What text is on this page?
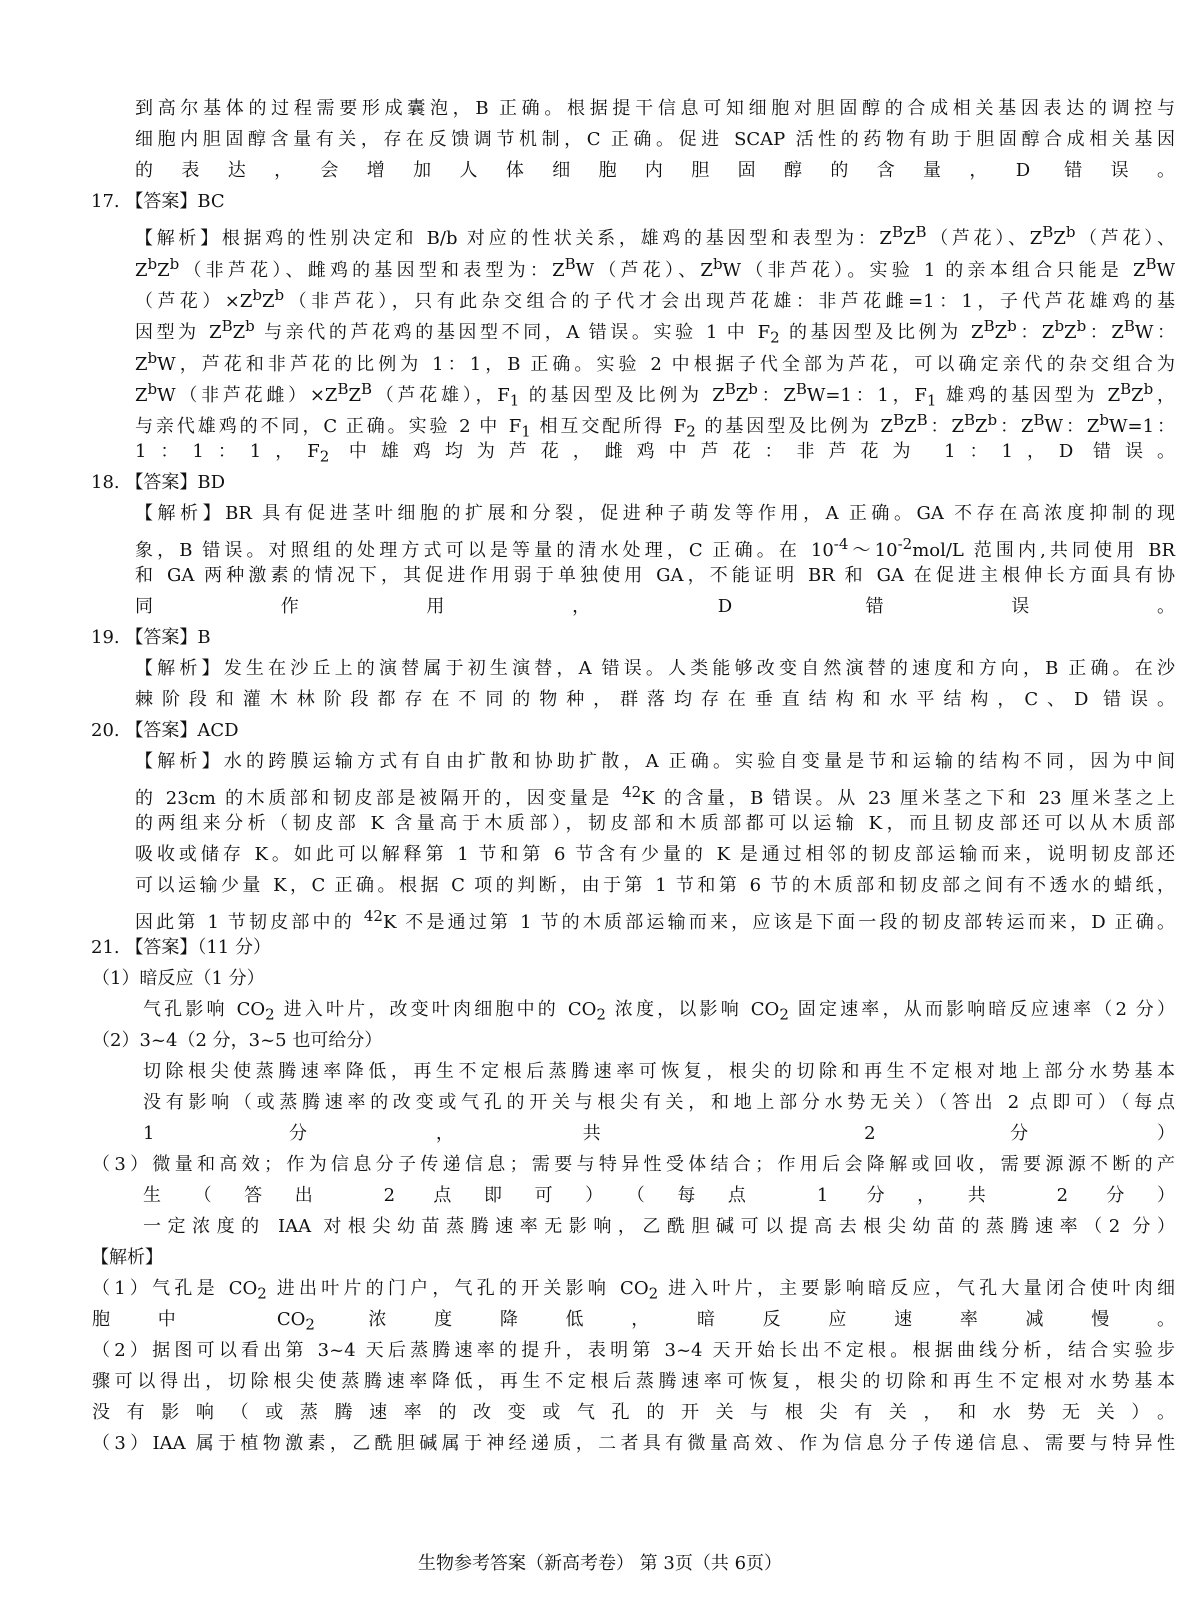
到高尔基体的过程需要形成囊泡，B 正确。根据提干信息可知细胞对胆固醇的合成相关基因表达的调控与
细胞内胆固醇含量有关，存在反馈调节机制，C 正确。促进 SCAP 活性的药物有助于胆固醇合成相关基因
的表达，会增加人体细胞内胆固醇的含量，D 错误。
17. 【答案】BC
【解析】根据鸡的性别决定和 B/b 对应的性状关系，雄鸡的基因型和表型为：$Z^BZ^B$（芦花）、$Z^BZ^b$（芦花）、
$Z^bZ^b$（非芦花）、雌鸡的基因型和表型为：$Z^BW$（芦花）、$Z^bW$（非芦花）。实验 1 的亲本组合只能是 $Z^BW$
（芦花）$\times Z^bZ^b$（非芦花），只有此杂交组合的子代才会出现芦花雄：非芦花雌=1：1，子代芦花雄鸡的基
因型为 $Z^BZ^b$ 与亲代的芦花鸡的基因型不同，A 错误。实验 1 中 $F_2$ 的基因型及比例为 $Z^BZ^b$：$Z^bZ^b$：$Z^BW$：
$Z^bW$，芦花和非芦花的比例为 1：1，B 正确。实验 2 中根据子代全部为芦花，可以确定亲代的杂交组合为
$Z^bW$（非芦花雌）$\times Z^BZ^B$（芦花雄），$F_1$ 的基因型及比例为 $Z^BZ^b$：$Z^BW=1$：1，$F_1$ 雄鸡的基因型为 $Z^BZ^b$，
与亲代雄鸡的不同，C 正确。实验 2 中 $F_1$ 相互交配所得 $F_2$ 的基因型及比例为 $Z^BZ^B$：$Z^BZ^b$：$Z^BW$：$Z^bW=1$：
1：1：1，$F_2$ 中雄鸡均为芦花，雌鸡中芦花：非芦花为 1：1，D 错误。
18. 【答案】BD
【解析】BR 具有促进茎叶细胞的扩展和分裂，促进种子萌发等作用，A 正确。GA 不存在高浓度抑制的现
象，B 错误。对照组的处理方式可以是等量的清水处理，C 正确。在 $10^{-4}\sim 10^{-2}mol/L$ 范围内,共同使用 BR
和 GA 两种激素的情况下，其促进作用弱于单独使用 GA，不能证明 BR 和 GA 在促进主根伸长方面具有协
同作用，D 错误。
19. 【答案】B
【解析】发生在沙丘上的演替属于初生演替，A 错误。人类能够改变自然演替的速度和方向，B 正确。在沙
棘阶段和灌木林阶段都存在不同的物种，群落均存在垂直结构和水平结构，C、D 错误。
20. 【答案】ACD
【解析】水的跨膜运输方式有自由扩散和协助扩散，A 正确。实验自变量是节和运输的结构不同，因为中间
的 23cm 的木质部和韧皮部是被隔开的，因变量是 $^{42}$K 的含量，B 错误。从 23 厘米茎之下和 23 厘米茎之上
的两组来分析（韧皮部 K 含量高于木质部），韧皮部和木质部都可以运输 K，而且韧皮部还可以从木质部
吸收或储存 K。如此可以解释第 1 节和第 6 节含有少量的 K 是通过相邻的韧皮部运输而来，说明韧皮部还
可以运输少量 K，C 正确。根据 C 项的判断，由于第 1 节和第 6 节的木质部和韧皮部之间有不透水的蜡纸，
因此第 1 节韧皮部中的 $^{42}$K 不是通过第 1 节的木质部运输而来，应该是下面一段的韧皮部转运而来，D 正确。
21. 【答案】（11 分）
（1）暗反应（1 分）
气孔影响 $CO_2$ 进入叶片，改变叶肉细胞中的 $CO_2$ 浓度，以影响 $CO_2$ 固定速率，从而影响暗反应速率（2 分）
（2）3~4（2 分，3~5 也可给分）
切除根尖使蒸腾速率降低，再生不定根后蒸腾速率可恢复，根尖的切除和再生不定根对地上部分水势基本
没有影响（或蒸腾速率的改变或气孔的开关与根尖有关，和地上部分水势无关）（答出 2 点即可）（每点
1 分，共 2 分）
（3）微量和高效；作为信息分子传递信息；需要与特异性受体结合；作用后会降解或回收，需要源源不断的产
生（答出 2 点即可）（每点 1 分，共 2 分）
一定浓度的 IAA 对根尖幼苗蒸腾速率无影响，乙酰胆碱可以提高去根尖幼苗的蒸腾速率（2 分）
【解析】
（1）气孔是 $CO_2$ 进出叶片的门户，气孔的开关影响 $CO_2$ 进入叶片，主要影响暗反应，气孔大量闭合使叶肉细
胞中 $CO_2$ 浓度降低，暗反应速率减慢。
（2）据图可以看出第 3~4 天后蒸腾速率的提升，表明第 3~4 天开始长出不定根。根据曲线分析，结合实验步
骤可以得出，切除根尖使蒸腾速率降低，再生不定根后蒸腾速率可恢复，根尖的切除和再生不定根对水势基本
没有影响（或蒸腾速率的改变或气孔的开关与根尖有关，和水势无关）。
（3）IAA 属于植物激素，乙酰胆碱属于神经递质，二者具有微量高效、作为信息分子传递信息、需要与特异性
生物参考答案（新高考卷） 第 3页（共 6页）
